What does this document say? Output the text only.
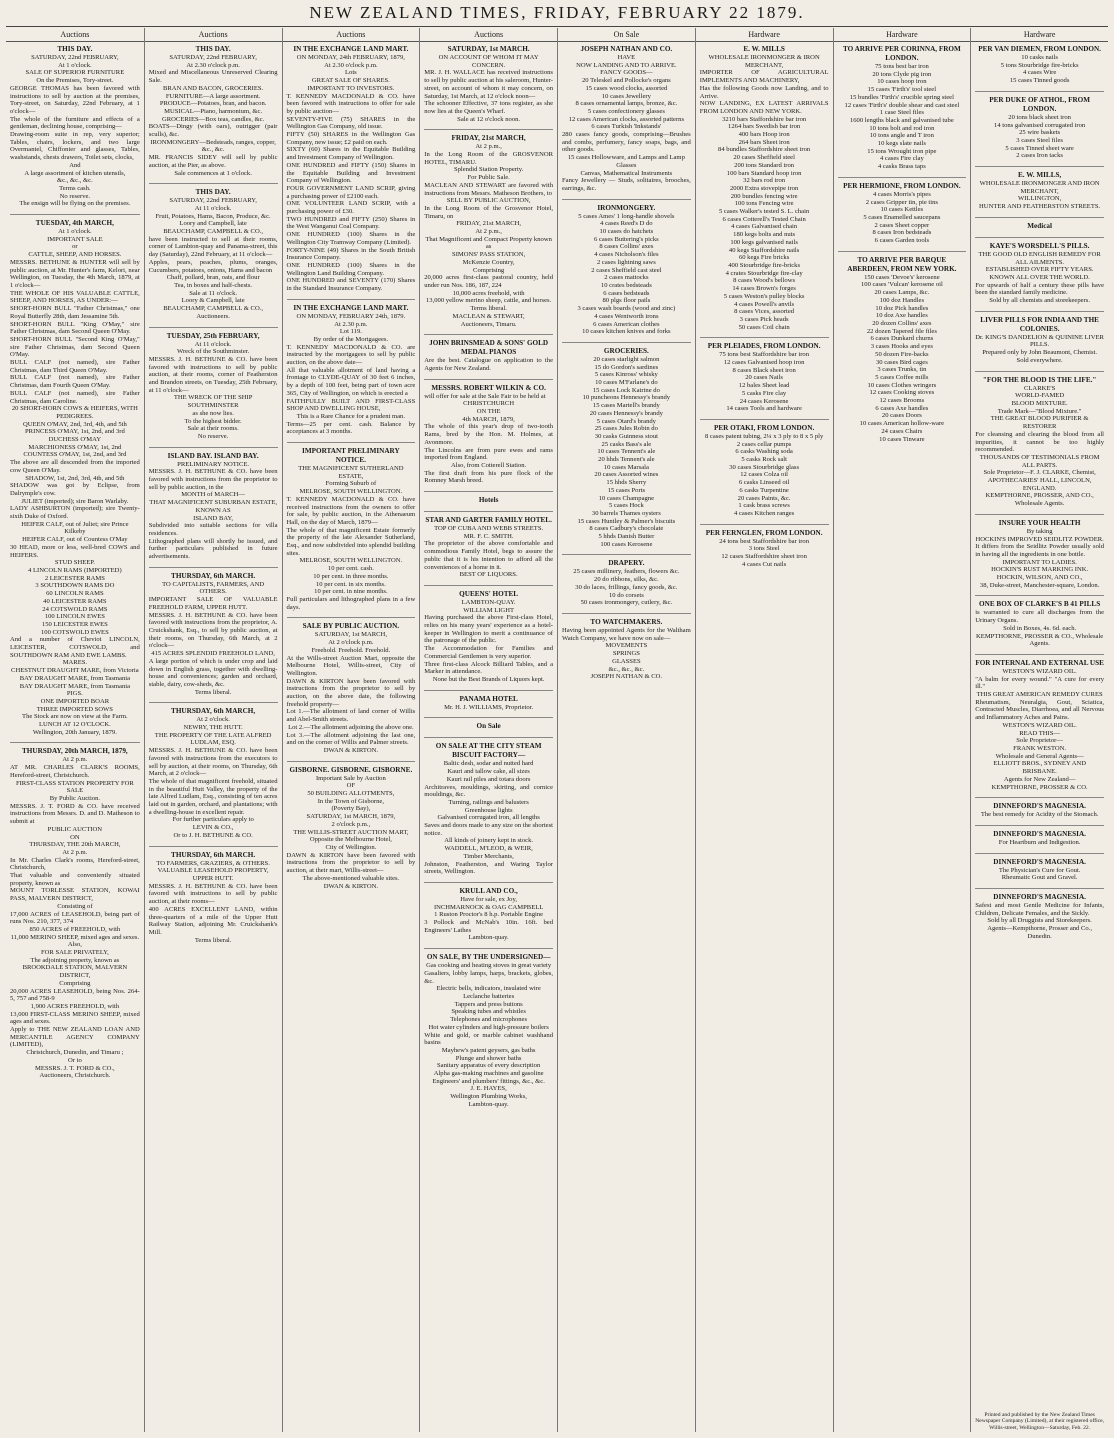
NEW ZEALAND TIMES, FRIDAY, FEBRUARY 22 1879.
Auctions
THIS DAY.
SATURDAY, 22nd FEBRUARY,
At 1 o'clock.
SALE OF SUPERIOR FURNITURE
On the Premises, Tory-street.
GEORGE THOMAS has been favored with instructions to sell by auction at the premises, Tory-street, on Saturday, 22nd February, at 1 o'clock—
The whole of the furniture and effects of a gentleman, declining house, comprising—
Drawing-room suite in rep, very superior; Tables, chairs, lockers, and two large Overmantel, Chiffonier and glasses, Tables, washstands, chests drawers, Toilet sets, clocks,
And
A large assortment of kitchen utensils,
&c., &c., &c.
Terms cash.
No reserve.
The ensign will be flying on the premises.
TUESDAY, 4th MARCH,
At 1 o'clock.
IMPORTANT SALE
or
CATTLE, SHEEP, AND HORSES.
MESSRS. BETHUNE & HUNTER will sell by public auction, at Mr. Hunter's farm, Kelori, near Wellington, on Tuesday, the 4th March, 1879, at 1 o'clock—
THE WHOLE OF HIS VALUABLE CATTLE, SHEEP, AND HORSES, AS UNDER:—
SHORT-HORN BULL "Father Christmas," one Royal Butterfly 28th, dam Jessamine 5th.
SHORT-HORN BULL "King O'May," sire Father Christmas, dam Second Queen O'May.
SHORT-HORN BULL "Second King O'May," sire Father Christmas, dam Second Queen O'May.
BULL CALF (not named), sire Father Christmas, dam Third Queen O'May.
BULL CALF (not named), sire Father Christmas, dam Fourth Queen O'May.
BULL CALF (not named), sire Father Christmas, dam Caroline.
20 SHORT-HORN COWS & HEIFERS, WITH PEDIGREES.
QUEEN O'MAY, 2nd, 3rd, 4th, and 5th
PRINCESS O'MAY, 1st, 2nd, and 3rd
DUCHESS O'MAY
MARCHIONESS O'MAY, 1st, 2nd
COUNTESS O'MAY, 1st, 2nd, and 3rd
The above are all descended from the imported cow Queen O'May.
SHADOW, 1st, 2nd, 3rd, 4th, and 5th
SHADOW was got by Eclipse, from Dalrymple's cow.
JULIET (imported); sire Baron Warlaby.
LADY ASHBURTON (imported); sire Twenty-sixth Duke of Oxford.
HEIFER CALF, out of Juliet; sire Prince Kilkeby
HEIFER CALF, out of Countess O'May
30 HEAD, more or less, well-bred COWS and HEIFERS.
STUD SHEEP.
4 LINCOLN RAMS (IMPORTED)
2 LEICESTER RAMS
3 SOUTHDOWN RAMS DO
60 LINCOLN RAMS
40 LEICESTER RAMS
24 COTSWOLD RAMS
100 LINCOLN EWES
150 LEICESTER EWES
100 COTSWOLD EWES
And a number of Cheviot LINCOLN, LEICESTER, COTSWOLD, and SOUTHDOWN RAM AND EWE LAMBS.
MARES.
CHESTNUT DRAUGHT MARE, from Victoria
BAY DRAUGHT MARE, from Tasmania
BAY DRAUGHT MARE, from Tasmania
PIGS.
ONE IMPORTED BOAR
THREE IMPORTED SOWS
The Stock are now on view at the Farm.
LUNCH AT 12 O'CLOCK.
Wellington, 20th January, 1879.
THURSDAY, 20th MARCH, 1879,
At 2 p.m.
AT MR. CHARLES CLARK'S ROOMS, Hereford-street, Christchurch.
FIRST-CLASS STATION PROPERTY FOR SALE
By Public Auction.
MESSRS. J. T. FORD & CO. have received instructions from Messrs. D. and D. Matheson to submit at
PUBLIC AUCTION
ON
THURSDAY, THE 20th MARCH,
At 2 p.m.
In Mr. Charles Clark's rooms, Hereford-street, Christchurch,
That valuable and conveniently situated property, known as
MOUNT TORLESSE STATION, KOWAI PASS, MALVERN DISTRICT,
Consisting of
17,000 ACRES of LEASEHOLD, being part of runs Nos. 210, 377, 374
850 ACRES of FREEHOLD, with
11,000 MERINO SHEEP, mixed ages and sexes.
Also,
FOR SALE PRIVATELY,
The adjoining property, known as
BROOKDALE STATION, MALVERN DISTRICT,
Comprising
20,000 ACRES LEASEHOLD, being Nos. 264-5, 757 and 758-9
1,900 ACRES FREEHOLD, with
13,000 FIRST-CLASS MERINO SHEEP, mixed ages and sexes.
Apply to THE NEW ZEALAND LOAN AND MERCANTILE AGENCY COMPANY (LIMITED),
Christchurch, Dunedin, and Timaru ;
Or to
MESSRS. J. T. FORD & CO.,
Auctioneers, Christchurch.
Auctions
THIS DAY.
SATURDAY, 22nd FEBRUARY,
At 2.30 o'clock p.m.
Mixed and Miscellaneous Unreserved Clearing Sale.
BRAN AND BACON, GROCERIES.
FURNITURE—A large assortment.
PRODUCE—Potatoes, bran, and bacon.
MUSICAL—Piano, harmonium, &c.
GROCERIES—Box teas, candles, &c.
BOATS—Dingy (with oars), outrigger (pair sculls), &c.
IRONMONGERY—Bedsteads, ranges, copper, &c., &c.
MR. FRANCIS SIDEY will sell by public auction, at the Pier, as above.
Sale commences at 1 o'clock.
THIS DAY.
SATURDAY, 22nd FEBRUARY,
At 11 o'clock.
Fruit, Potatoes, Hams, Bacon, Produce, &c.
Loory and Campbell, late
BEAUCHAMP, CAMPBELL & CO.,
have been instructed to sell at their rooms, corner of Lambton-quay and Panama-street, this day (Saturday), 22nd February, at 11 o'clock—
Apples, pears, peaches, plums, oranges, Cucumbers, potatoes, onions, Hams and bacon
Chaff, pollard, bran, oats, and flour
Tea, in boxes and half-chests.
Sale at 11 o'clock.
Loory & Campbell, late
BEAUCHAMP, CAMPBELL & CO.,
Auctioneers.
TUESDAY, 25th FEBRUARY,
At 11 o'clock.
Wreck of the Southminster.
MESSRS. J. H. BETHUNE & CO. have been favored with instructions to sell by public auction, at their rooms, corner of Featherston and Brandon streets, on Tuesday, 25th February, at 11 o'clock—
THE WRECK OF THE SHIP SOUTHMINSTER
as she now lies.
To the highest bidder.
Sale at their rooms.
No reserve.
ISLAND BAY. ISLAND BAY.
PRELIMINARY NOTICE.
MESSRS. J. H. BETHUNE & CO. have been favored with instructions from the proprietor to sell by public auction, in the
MONTH of MARCH—
THAT MAGNIFICENT SUBURBAN ESTATE,
KNOWN AS
ISLAND BAY,
Subdivided into suitable sections for villa residences.
Lithographed plans will shortly be issued, and further particulars published in future advertisements.
THURSDAY, 6th MARCH.
TO CAPITALISTS, FARMERS, AND OTHERS.
IMPORTANT SALE OF VALUABLE FREEHOLD FARM, UPPER HUTT.
MESSRS. J. H. BETHUNE & CO. have been favored with instructions from the proprietor, A. Cruickshank, Esq., to sell by public auction, at their rooms, on Thursday, 6th March, at 2 o'clock—
415 ACRES SPLENDID FREEHOLD LAND,
A large portion of which is under crop and laid down in English grass, together with dwelling-house and conveniences; garden and orchard, stable, dairy, cow-sheds, &c.
Terms liberal.
THURSDAY, 6th MARCH,
At 2 o'clock.
NEWRY, THE HUTT.
THE PROPERTY OF THE LATE ALFRED LUDLAM, ESQ.
MESSRS. J. H. BETHUNE & CO. have been favored with instructions from the executors to sell by auction, at their rooms, on Thursday, 6th March, at 2 o'clock—
The whole of that magnificent freehold, situated in the beautiful Hutt Valley, the property of the late Alfred Ludlam, Esq., consisting of ten acres laid out in garden, orchard, and plantations; with a dwelling-house in excellent repair.
For further particulars apply to
LEVIN & CO.,
Or to J. H. BETHUNE & CO.
THURSDAY, 6th MARCH.
TO FARMERS, GRAZIERS, & OTHERS.
VALUABLE LEASEHOLD PROPERTY, UPPER HUTT.
MESSRS. J. H. BETHUNE & CO. have been favored with instructions to sell by public auction, at their rooms—
400 ACRES EXCELLENT LAND, within three-quarters of a mile of the Upper Hutt Railway Station, adjoining Mr. Cruickshank's Mill.
Terms liberal.
Auctions
IN THE EXCHANGE LAND MART.
ON MONDAY, 24th FEBRUARY, 1879,
At 2.30 o'clock p.m.
Lots
GREAT SALE OF SHARES.
IMPORTANT TO INVESTORS.
T. KENNEDY MACDONALD & CO. have been favored with instructions to offer for sale by public auction—
SEVENTY-FIVE (75) SHARES in the Wellington Gas Company, old issue.
FIFTY (50) SHARES in the Wellington Gas Company, new issue; £2 paid on each.
SIXTY (60) Shares in the Equitable Building and Investment Company of Wellington.
ONE HUNDRED and FIFTY (150) Shares in the Equitable Building and Investment Company of Wellington.
FOUR GOVERNMENT LAND SCRIP, giving a purchasing power of £2100 each.
ONE VOLUNTEER LAND SCRIP, with a purchasing power of £30.
TWO HUNDRED and FIFTY (250) Shares in the West Wanganui Coal Company.
ONE HUNDRED (100) Shares in the Wellington City Tramway Company (Limited).
FORTY-NINE (49) Shares in the South British Insurance Company.
ONE HUNDRED (100) Shares in the Wellington Land Building Company.
ONE HUNDRED and SEVENTY (170) Shares in the Standard Insurance Company.
IN THE EXCHANGE LAND MART.
ON MONDAY, FEBRUARY 24th, 1879.
At 2.30 p.m.
Lot 119.
By order of the Mortgagees.
T. KENNEDY MACDONALD & CO. are instructed by the mortgagees to sell by public auction, on the above date—
All that valuable allotment of land having a frontage to CLYDE-QUAY of 30 feet 6 inches, by a depth of 100 feet, being part of town acre 365, City of Wellington, on which is erected a
FAITHFULLY BUILT AND FIRST-CLASS SHOP AND DWELLING HOUSE,
This is a Rare Chance for a prudent man.
Terms—25 per cent. cash. Balance by acceptances at 3 months.
IMPORTANT PRELIMINARY NOTICE.
THE MAGNIFICENT SUTHERLAND ESTATE,
Forming Suburb of
MELROSE, SOUTH WELLINGTON.
T. KENNEDY MACDONALD & CO. have received instructions from the owners to offer for sale, by public auction, in the Athenaeum Hall, on the day of March, 1879—
The whole of that magnificent Estate formerly the property of the late Alexander Sutherland, Esq., and now subdivided into splendid building sites.
MELROSE, SOUTH WELLINGTON.
10 per cent. cash.
10 per cent. in three months.
10 per cent. in six months.
10 per cent. in nine months.
Full particulars and lithographed plans in a few days.
SALE BY PUBLIC AUCTION.
SATURDAY, 1st MARCH,
At 2 o'clock p.m.
Freehold. Freehold. Freehold.
At the Wills-street Auction Mart, opposite the Melbourne Hotel, Willis-street, City of Wellington.
DAWN & KIRTON have been favored with instructions from the proprietor to sell by auction, on the above date, the following freehold property—
Lot 1.—The allotment of land corner of Willis and Abel-Smith streets.
Lot 2.—The allotment adjoining the above one.
Lot 3.—The allotment adjoining the last one, and on the corner of Willis and Palmer streets.
DWAN & KIRTON.
GISBORNE. GISBORNE. GISBORNE.
Important Sale by Auction
OF
50 BUILDING ALLOTMENTS,
In the Town of Gisborne,
(Poverty Bay),
SATURDAY, 1st MARCH, 1879,
2 o'clock p.m.,
THE WILLIS-STREET AUCTION MART,
Opposite the Melbourne Hotel,
City of Wellington.
DAWN & KIRTON have been favored with instructions from the proprietor to sell by auction, at their mart, Willis-street—
The above-mentioned valuable sites.
DWAN & KIRTON.
Auctions
SATURDAY, 1st MARCH.
ON ACCOUNT OF WHOM IT MAY CONCERN.
MR. J. H. WALLACE has received instructions to sell by public auction at his saleroom, Hunter-street, on account of whom it may concern, on Saturday, 1st March, at 12 o'clock noon—
The schooner Effective, 37 tons register, as she now lies at the Queen's Wharf.
Sale at 12 o'clock noon.
FRIDAY, 21st MARCH,
At 2 p.m.,
In the Long Room of the GROSVENOR HOTEL, TIMARU.
Splendid Station Property.
For Public Sale.
MACLEAN AND STEWART are favored with instructions from Messrs. Matheson Brothers, to
SELL BY PUBLIC AUCTION,
In the Long Room of the Grosvenor Hotel, Timaru, on
FRIDAY, 21st MARCH,
At 2 p.m.,
That Magnificent and Compact Property known as
SIMONS' PASS STATION,
McKenzie Country,
Comprising
20,000 acres first-class pastoral country, held under run Nos. 186, 187, 224
10,000 acres freehold, with
13,000 yellow merino sheep, cattle, and horses.
Terms liberal.
MACLEAN & STEWART,
Auctioneers, Timaru.
JOHN BRINSMEAD & SONS' GOLD MEDAL PIANOS
Are the best. Catalogue on application to the Agents for New Zealand.
MESSRS. ROBERT WILKIN & CO.
will offer for sale at the Sale Fair to be held at
CHRISTCHURCH
ON THE
4th MARCH, 1879,
The whole of this year's drop of two-tooth Rams, bred by the Hon. M. Holmes, at Avonmore.
The Lincolns are from pure ewes and rams imported from England.
Also, from Cotterell Station.
The first draft from his pure flock of the Romney Marsh breed.
Hotels
STAR AND GARTER FAMILY HOTEL.
TOP OF CUBA AND WEBB STREETS.
MR. F. C. SMITH.
The proprietor of the above comfortable and commodious Family Hotel, begs to assure the public that it is his intention to afford all the conveniences of a home in it.
BEST OF LIQUORS.
QUEENS' HOTEL
LAMBTON-QUAY.
WILLIAM LIGHT
Having purchased the above First-class Hotel, relies on his many years' experience as a hotel-keeper in Wellington to merit a continuance of the patronage of the public.
The Accommodation for Families and Commercial Gentlemen is very superior.
Three first-class Alcock Billiard Tables, and a Marker in attendance.
None but the Best Brands of Liquors kept.
PANAMA HOTEL
Mr. H. J. WILLIAMS, Proprietor.
On Sale
ON SALE AT THE CITY STEAM BISCUIT FACTORY—
Baltic desh, sodar and nutted hard
Kauri and tallow cake, all sizes
Kauri rail piles and totara doors
Architraves, mouldings, skirting, and cornice mouldings, &c.
Turning, railings and balusters
Greenhouse lights
Galvanised corrugated iron, all lengths
Saves and doors made to any size on the shortest notice.
All kinds of joinery kept in stock.
WADDELL, M'LEOD, & WEIR,
Timber Merchants,
Johnston, Featherston, and Waring Taylor streets, Wellington.
KRULL AND CO.,
Have for sale, ex Joy,
INCHMARNOCK & OAG CAMPBELL
1 Ruston Proctor's 8 h.p. Portable Engine
3 Pollock and McNab's 10in. 16ft. bed Engineers' Lathes
Lambton-quay.
ON SALE, BY THE UNDERSIGNED—
Gas cooking and heating stoves in great variety
Gasaliers, lobby lamps, harps, brackets, globes, &c.
Electric bells, indicators, insulated wire
Leclanche batteries
Tappers and press buttons
Speaking tubes and whistles
Telephones and microphones
Hot water cylinders and high-pressure boilers
White and gold, or marble cabinet washhand basins
Mayhew's patent geysers, gas baths
Plunge and shower baths
Sanitary apparatus of every description
Alpha gas-making machines and gasoline
Engineers' and plumbers' fittings, &c., &c.
J. E. HAYES,
Wellington Plumbing Works,
Lambton-quay.
On Sale
JOSEPH NATHAN AND CO.
HAVE
NOW LANDING AND TO ARRIVE.
FANCY GOODS—
20 Teleskel and Pollocke's organs
15 cases wood clocks, assorted
10 cases Jewellery
8 cases ornamental lamps, bronze, &c.
5 cases confectionery glasses
12 cases American clocks, assorted patterns
6 cases Turkish 'Inkstands'
280 cases fancy goods, comprising—Brushes and combs, perfumery, fancy soaps, bags, and other goods.
15 cases Hollowware, and Lamps and Lamp Glasses
Canvas, Mathematical Instruments
Fancy Jewellery — Studs, solitaires, brooches, earrings, &c.
IRONMONGERY.
5 cases Ames' 1 long-handle shovels
4 cases Reed's D do
10 cases do hatchets
6 cases Buttering's picks
8 cases Collins' axes
4 cases Nicholson's files
2 cases lightning saws
2 cases Sheffield cast steel
2 cases mattocks
10 crates bedsteads
6 cases bedsteads
80 plgs floor pails
3 cases wash boards (wood and zinc)
4 cases Wentworth irons
6 cases American clothes
10 cases kitchen knives and forks
GROCERIES.
20 cases starlight salmon
15 do Gordon's sardines
5 cases Kinross' whisky
10 cases M'Farlane's do
15 cases Lock Katrine do
10 puncheons Hennessy's brandy
15 cases Martell's brandy
20 cases Hennessy's brandy
5 cases Otard's brandy
25 cases Jules Robin do
30 casks Guinness stout
25 casks Bass's ale
10 cases Tennent's ale
20 hhds Tennent's ale
10 cases Marsala
20 cases Assorted wines
15 hhds Sherry
15 cases Ports
10 cases Champagne
5 cases Hock
30 barrels Thames oysters
15 cases Huntley & Palmer's biscuits
8 cases Cadbury's chocolate
5 hhds Danish Butter
100 cases Kerosene
DRAPERY.
25 cases millinery, feathers, flowers &c.
20 do ribbons, silks, &c.
30 do laces, frillings, fancy goods, &c.
10 do corsets
50 cases ironmongery, cutlery, &c.
TO WATCHMAKERS.
Having been appointed Agents for the Waltham Watch Company, we have now on sale—
MOVEMENTS
SPRINGS
GLASSES
&c., &c., &c.
JOSEPH NATHAN & CO.
Hardware
E. W. MILLS
WHOLESALE IRONMONGER & IRON MERCHANT,
IMPORTER OF AGRICULTURAL IMPLEMENTS AND MACHINERY,
Has the following Goods now Landing, and to Arrive.
NOW LANDING, EX LATEST ARRIVALS FROM LONDON AND NEW YORK.
3210 bars Staffordshire bar iron
1264 bars Swedish bar iron
400 bars Hoop iron
264 bars Sheet iron
84 bundles Staffordshire sheet iron
20 cases Sheffield steel
200 tons Standard iron
100 bars Standard hoop iron
32 bars rod iron
2000 Extra stovepipe iron
200 bundles fencing wire
100 tons Fencing wire
5 cases Walker's tested S. L. chain
6 cases Cotterell's Tested Chain
4 cases Galvanised chain
180 kegs bolts and nuts
100 kegs galvanised nails
40 kegs Staffordshire nails
60 kegs Fire bricks
400 Stourbridge fire-bricks
4 crates Stourbridge fire-clay
8 cases Wood's bellows
14 cases Brown's forges
5 cases Weston's pulley blocks
4 cases Powell's anvils
8 cases Vices, assorted
3 cases Pick heads
50 cases Coil chain
PER PLEIADES, FROM LONDON.
75 tons best Staffordshire bar iron
12 cases Galvanised hoop iron
8 cases Black sheet iron
20 cases Nails
12 bales Sheet lead
5 casks Fire clay
24 cases Kerosene
14 cases Tools and hardware
PER OTAKI, FROM LONDON.
8 cases patent tubing, 2¼ x 3 ply to 8 x 5 ply
2 cases cellar pumps
6 casks Washing soda
5 casks Rock salt
30 cases Stourbridge glass
12 cases Colza oil
6 casks Linseed oil
6 casks Turpentine
20 cases Paints, &c.
1 cask brass screws
4 cases Kitchen ranges
PER FERNGLEN, FROM LONDON.
24 tons best Staffordshire bar iron
3 tons Steel
12 cases Staffordshire sheet iron
4 cases Cut nails
Hardware
TO ARRIVE PER CORINNA, FROM LONDON.
75 tons best bar iron
20 tons Clyde pig iron
10 cases hoop iron
15 cases 'Firth's' tool steel
15 bundles 'Firth's' crucible spring steel
12 cases 'Firth's' double shear and cast steel
1 case Steel files
1600 lengths black and galvanised tube
10 tons bolt and rod iron
10 tons angle and T iron
10 kegs slate nails
15 tons Wrought iron pipe
4 cases Fire clay
4 casks Brass taps
PER HERMIONE, FROM LONDON.
4 cases Morris's pipes
2 cases Gripper tin, pie tins
10 cases Kettles
5 cases Enamelled saucepans
2 cases Sheet copper
8 cases Iron bedsteads
6 cases Garden tools
TO ARRIVE PER BARQUE ABERDEEN, FROM NEW YORK.
150 cases 'Devoe's' kerosene
100 cases 'Vulcan' kerosene oil
20 cases Lamps, &c.
100 doz Handles
10 doz Pick handles
10 doz Axe handles
20 dozen Collins' axes
22 dozen Tapered file files
6 cases Dunkard churns
3 cases Hooks and eyes
50 dozen Fire-backs
30 cases Bird cages
3 cases Trunks, tin
5 cases Coffee mills
10 cases Clothes wringers
12 cases Cooking stoves
12 cases Brooms
6 cases Axe handles
20 cases Doors
10 cases American hollow-ware
24 cases Chairs
10 cases Tinware
Hardware
PER VAN DIEMEN, FROM LONDON.
10 casks nails
5 tons Stourbridge fire-bricks
4 cases Wire
15 cases Tinned goods
PER DUKE OF ATHOL, FROM LONDON.
20 tons black sheet iron
14 tons galvanised corrugated iron
25 wire baskets
3 cases Steel files
5 cases Tinned sheet ware
2 cases Iron tacks
E. W. MILLS,
WHOLESALE IRONMONGER AND IRON MERCHANT,
WILLINGTON,
HUNTER AND FEATHERSTON STREETS.
Medical
KAYE'S WORSDELL'S PILLS.
THE GOOD OLD ENGLISH REMEDY FOR ALL AILMENTS.
ESTABLISHED OVER FIFTY YEARS.
KNOWN ALL OVER THE WORLD.
For upwards of half a century these pills have been the standard family medicine.
Sold by all chemists and storekeepers.
LIVER PILLS FOR INDIA AND THE COLONIES.
Dr. KING'S DANDELION & QUININE LIVER PILLS.
Prepared only by John Beaumont, Chemist.
Sold everywhere.
"FOR THE BLOOD IS THE LIFE."
CLARKE'S
WORLD-FAMED
BLOOD MIXTURE.
Trade Mark—"Blood Mixture."
THE GREAT BLOOD PURIFIER & RESTORER
For cleansing and clearing the blood from all impurities, it cannot be too highly recommended.
THOUSANDS OF TESTIMONIALS FROM ALL PARTS.
Sole Proprietor—F. J. CLARKE, Chemist,
APOTHECARIES' HALL, LINCOLN, ENGLAND.
KEMPTHORNE, PROSSER, AND CO.,
Wholesale Agents.
INSURE YOUR HEALTH
By taking
HOCKIN'S IMPROVED SEIDLITZ POWDER.
It differs from the Seidlitz Powder usually sold in having all the ingredients in one bottle.
IMPORTANT TO LADIES.
HOCKIN'S RUST MARKING INK.
HOCKIN, WILSON, AND CO.,
38, Duke-street, Manchester-square, London.
ONE BOX OF CLARKE'S B 41 PILLS
is warranted to cure all discharges from the Urinary Organs.
Sold in Boxes, 4s. 6d. each.
KEMPTHORNE, PROSSER & CO., Wholesale Agents.
FOR INTERNAL AND EXTERNAL USE
WESTON'S WIZARD OIL.
"A balm for every wound." "A cure for every ill."
THIS GREAT AMERICAN REMEDY CURES
Rheumatism, Neuralgia, Gout, Sciatica, Contracted Muscles, Diarrhoea, and all Nervous and Inflammatory Aches and Pains.
WESTON'S WIZARD OIL.
READ THIS—
Sole Proprietor—
FRANK WESTON.
Wholesale and General Agents—
ELLIOTT BROS., SYDNEY AND BRISBANE.
Agents for New Zealand—
KEMPTHORNE, PROSSER & CO.
DINNEFORD'S MAGNESIA.
The best remedy for Acidity of the Stomach.
DINNEFORD'S MAGNESIA.
For Heartburn and Indigestion.
DINNEFORD'S MAGNESIA.
The Physician's Cure for Gout.
Rheumatic Gout and Gravel.
DINNEFORD'S MAGNESIA.
Safest and most Gentle Medicine for Infants, Children, Delicate Females, and the Sickly.
Sold by all Druggists and Storekeepers.
Agents—Kempthorne, Prosser and Co., Dunedin.
Printed and published by the New Zealand Times Newspaper Company (Limited), at their registered office, Willis-street, Wellington—Saturday, Feb. 22.
